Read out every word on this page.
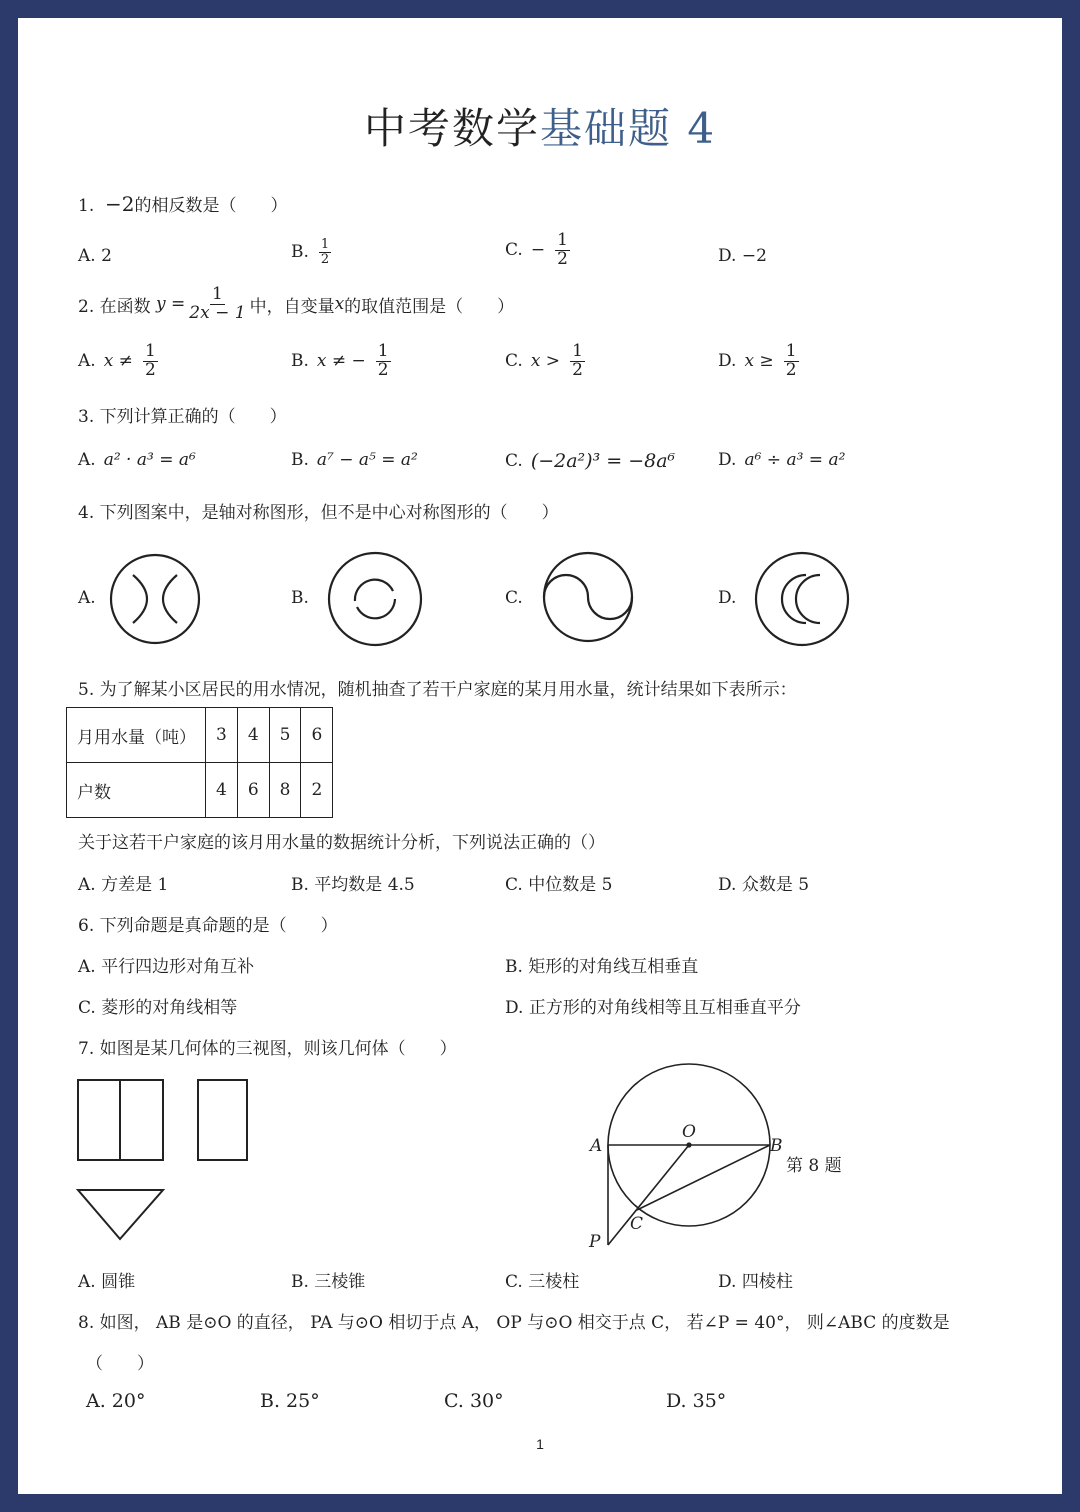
中考数学基础题 4
1. −2的相反数是（　　）
A. 2	B. $\frac{1}{2}$	C. − $\frac{1}{2}$	D. −2
2. 在函数
$y = \frac{1}{2x - 1}$ 中，自变量 x 的取值范围是（　　）
A. $x \ne \frac{1}{2}$	B. x ≠ − $\frac{1}{2}$	C. $x > \frac{1}{2}$	D. $x \ge \frac{1}{2}$
3. 下列计算正确的（　　）
A. a² · a³ = a⁶	B. a⁷ − a⁵ = a²	C. (−2a²)³ = −8a⁶	D. a⁶ ÷ a³ = a²
4. 下列图案中，是轴对称图形，但不是中心对称图形的（　　）
A.	B.	C.	D.
5. 为了解某小区居民的用水情况，随机抽查了若干户家庭的某月用水量，统计结果如下表所示：
月用水量（吨）	3	4	5	6
户数	4	6	8	2
关于这若干户家庭的该月用水量的数据统计分析，下列说法正确的（）
A. 方差是 1	B. 平均数是 4.5	C. 中位数是 5	D. 众数是 5
6. 下列命题是真命题的是（　　）
A. 平行四边形对角互补	B. 矩形的对角线互相垂直
C. 菱形的对角线相等	D. 正方形的对角线相等且互相垂直平分
7. 如图是某几何体的三视图，则该几何体（　　）
A
O
B
C
P
第 8 题
A. 圆锥	B. 三棱锥	C. 三棱柱	D. 四棱柱
8. 如图， AB 是⊙O 的直径， PA 与⊙O 相切于点 A， OP 与⊙O 相交于点 C， 若∠P = 40°， 则∠ABC 的度数是
（　　）
A. 20°	B. 25°	C. 30°	D. 35°
1
